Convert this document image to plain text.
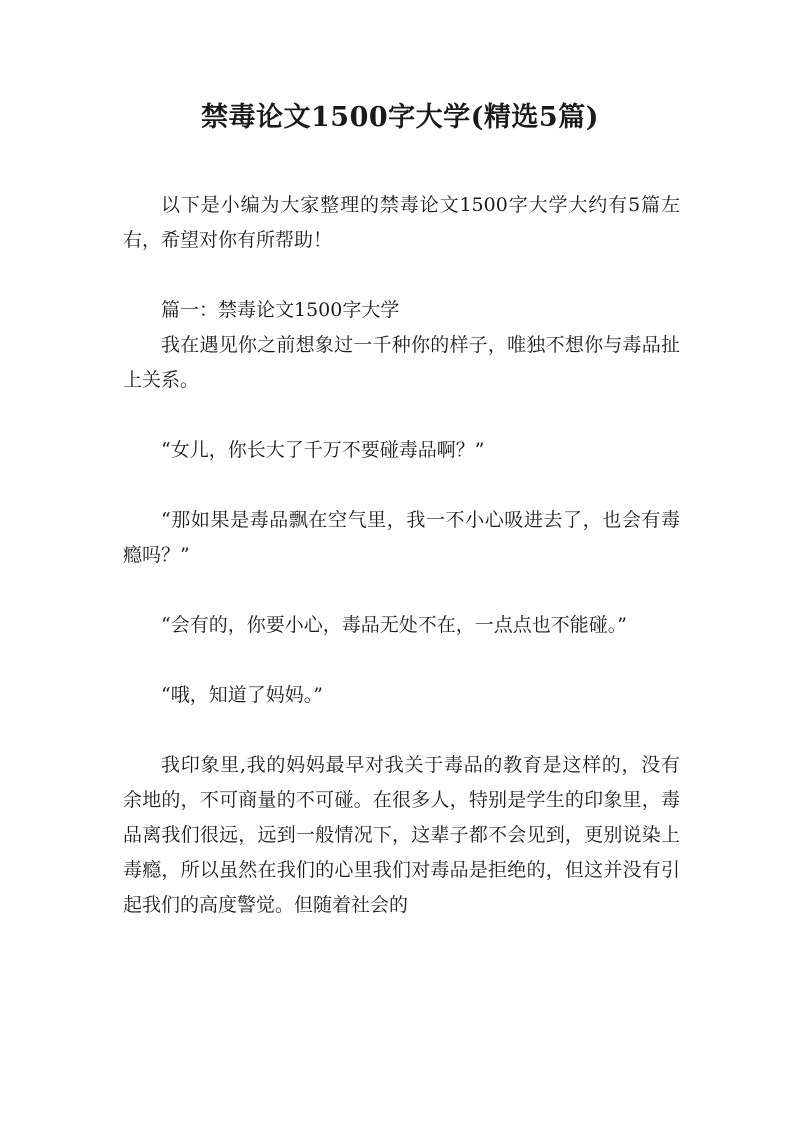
禁毒论文1500字大学(精选5篇)

以下是小编为大家整理的禁毒论文1500字大学大约有5篇左右，希望对你有所帮助！

篇一：禁毒论文1500字大学

我在遇见你之前想象过一千种你的样子，唯独不想你与毒品扯上关系。

“女儿，你长大了千万不要碰毒品啊？”

“那如果是毒品飘在空气里，我一不小心吸进去了，也会有毒瘾吗？”

“会有的，你要小心，毒品无处不在，一点点也不能碰。”

“哦，知道了妈妈。”

我印象里,我的妈妈最早对我关于毒品的教育是这样的，没有余地的，不可商量的不可碰。在很多人，特别是学生的印象里，毒品离我们很远，远到一般情况下，这辈子都不会见到，更别说染上毒瘾，所以虽然在我们的心里我们对毒品是拒绝的，但这并没有引起我们的高度警觉。但随着社会的
